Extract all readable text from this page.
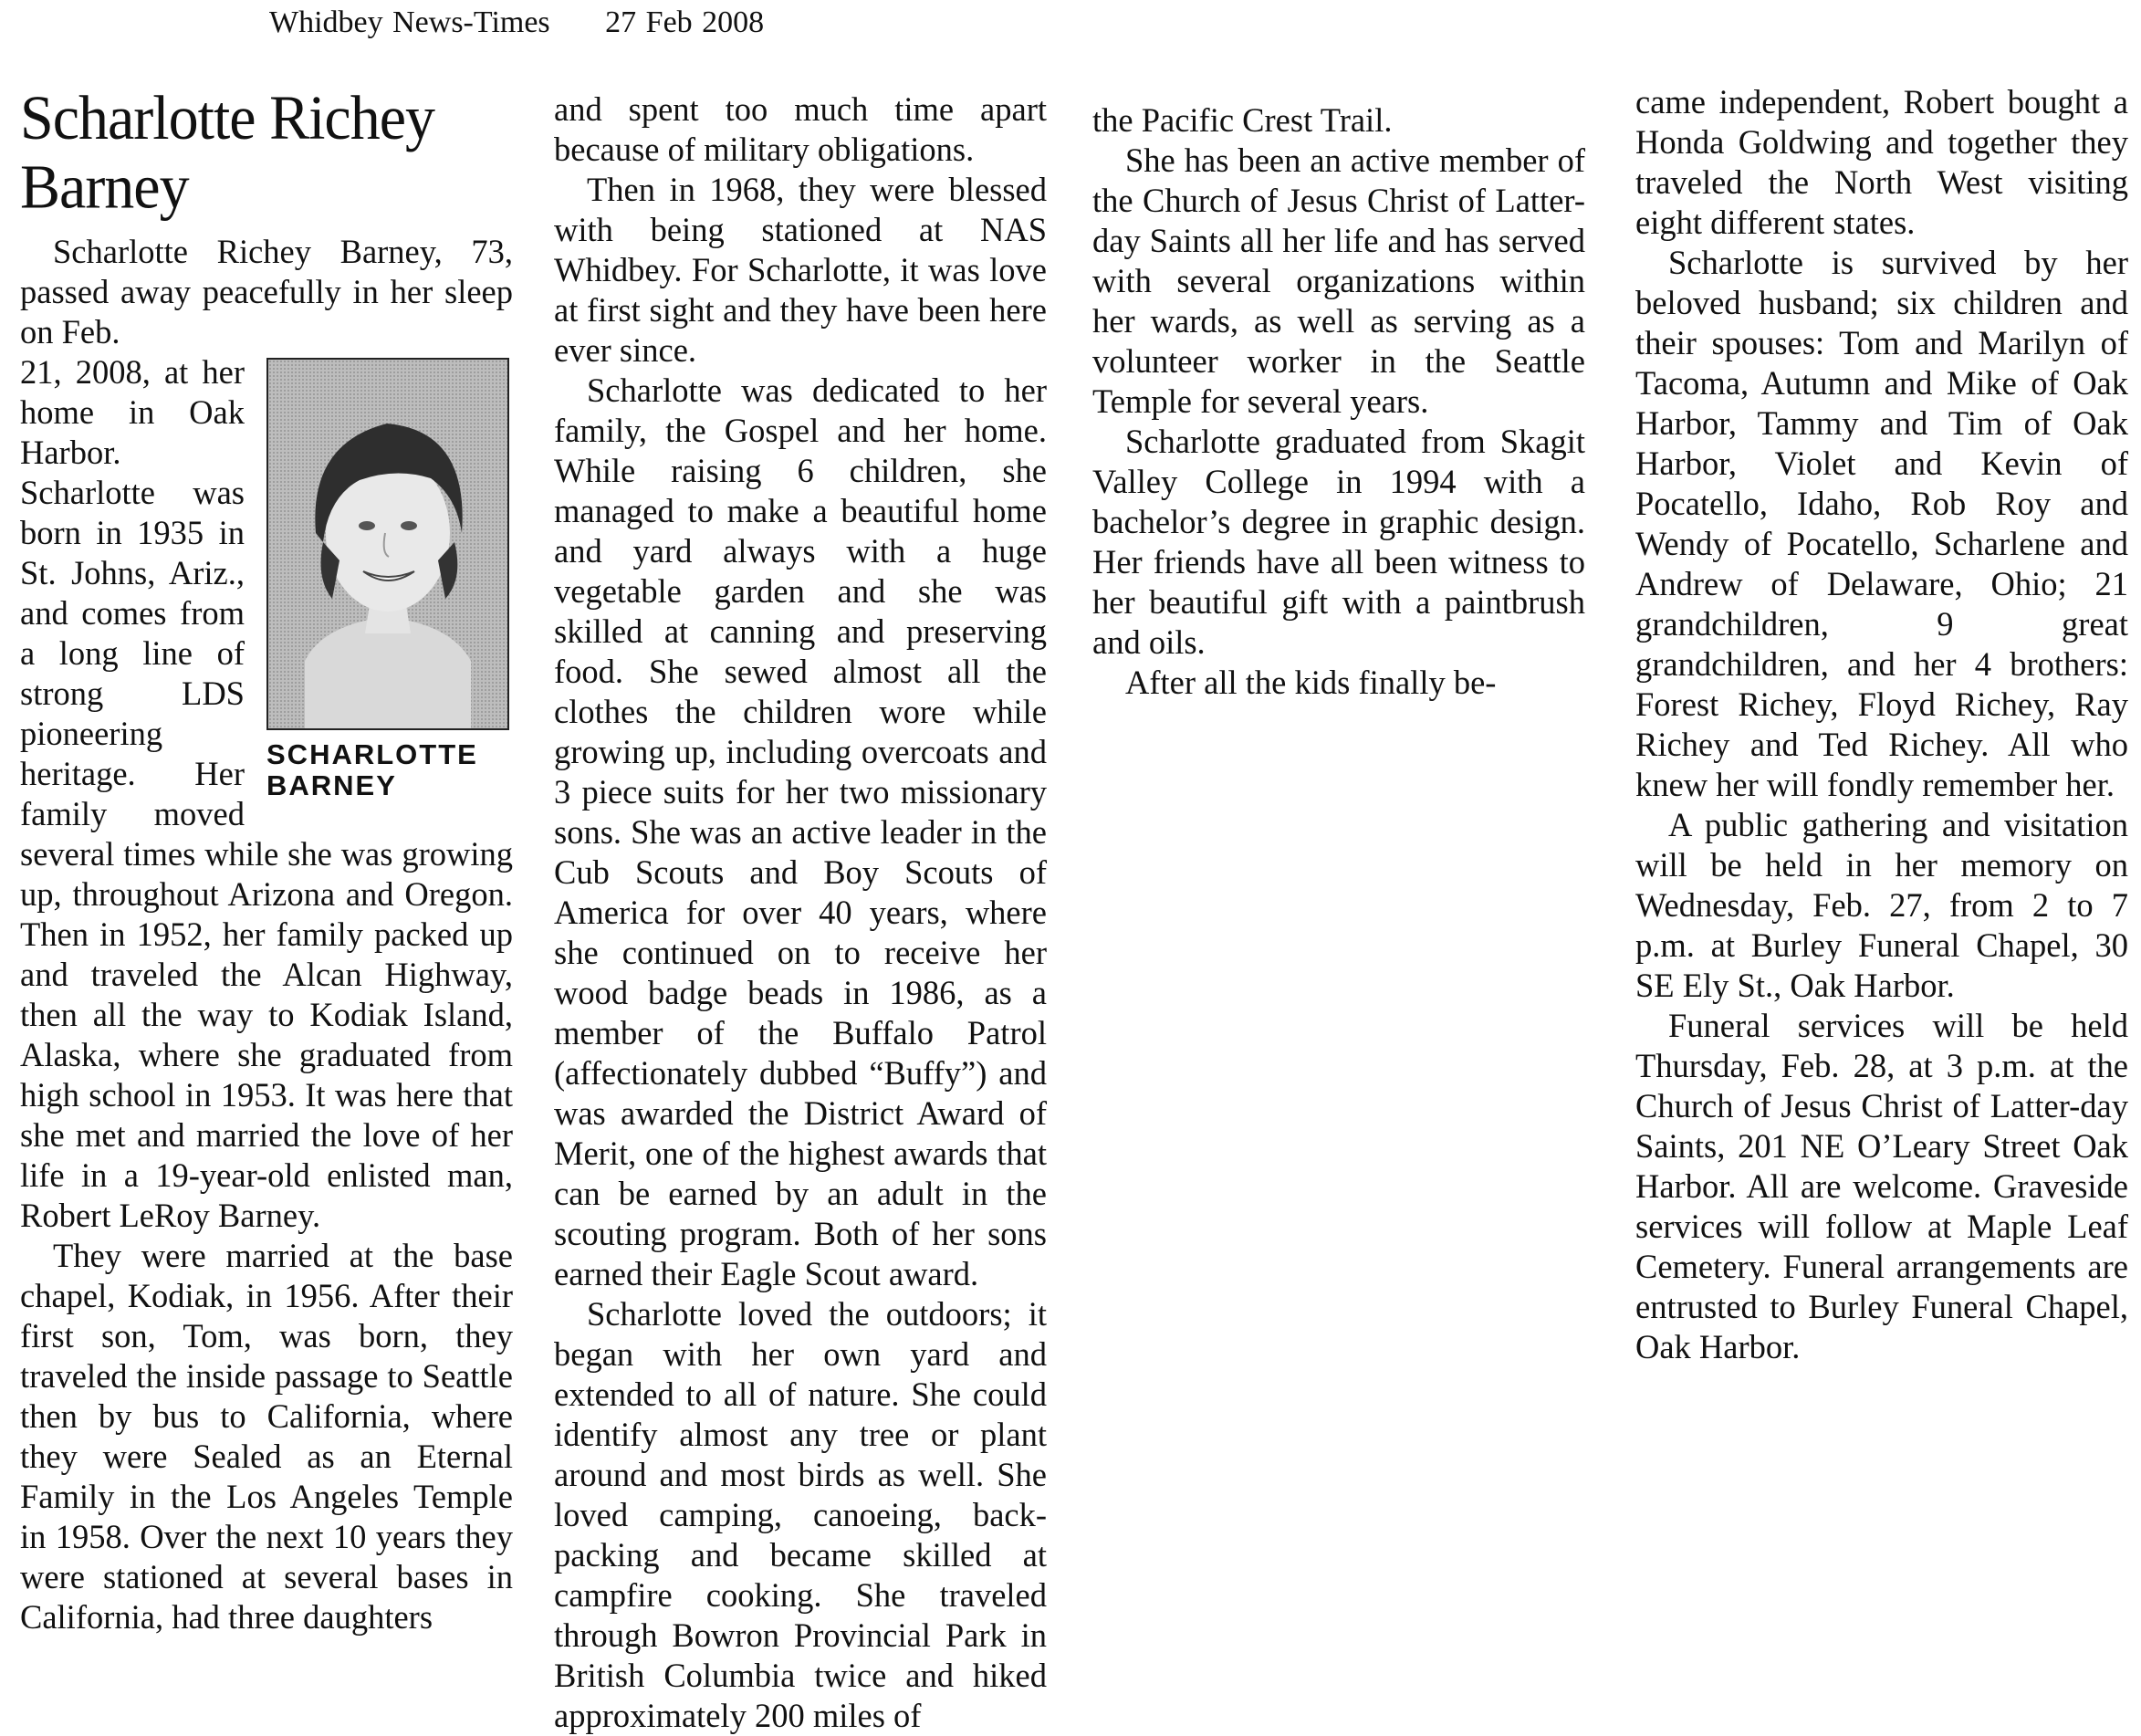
Whidbey News-Times 27 Feb 2008
Scharlotte Richey Barney

Scharlotte Richey Barney, 73, passed away peacefully in her sleep on Feb.

SCHARLOTTE
BARNEY

21, 2008, at her home in Oak Harbor. Scharlotte was born in 1935 in St. Johns, Ariz., and comes from a long line of strong LDS pioneering heritage. Her family moved several times while she was growing up, throughout Arizona and Oregon. Then in 1952, her family packed up and traveled the Alcan Highway, then all the way to Kodiak Island, Alaska, where she graduated from high school in 1953. It was here that she met and married the love of her life in a 19-year-old enlisted man, Robert LeRoy Barney.

They were married at the base chapel, Kodiak, in 1956. After their first son, Tom, was born, they traveled the inside passage to Seattle then by bus to California, where they were Sealed as an Eternal Family in the Los Angeles Temple in 1958. Over the next 10 years they were stationed at several bases in California, had three daughters

and spent too much time apart because of military obligations.

Then in 1968, they were blessed with being stationed at NAS Whidbey. For Scharlotte, it was love at first sight and they have been here ever since.

Scharlotte was dedicated to her family, the Gospel and her home. While raising 6 children, she managed to make a beautiful home and yard always with a huge vegetable garden and she was skilled at canning and preserving food. She sewed almost all the clothes the children wore while growing up, including overcoats and 3 piece suits for her two missionary sons. She was an active leader in the Cub Scouts and Boy Scouts of America for over 40 years, where she continued on to receive her wood badge beads in 1986, as a member of the Buffalo Patrol (affectionately dubbed “Buffy”) and was awarded the District Award of Merit, one of the highest awards that can be earned by an adult in the scouting program. Both of her sons earned their Eagle Scout award.

Scharlotte loved the outdoors; it began with her own yard and extended to all of nature. She could identify almost any tree or plant around and most birds as well. She loved camping, canoeing, back-packing and became skilled at campfire cooking. She traveled through Bowron Provincial Park in British Columbia twice and hiked approximately 200 miles of

the Pacific Crest Trail.

She has been an active member of the Church of Jesus Christ of Latter-day Saints all her life and has served with several organizations within her wards, as well as serving as a volunteer worker in the Seattle Temple for several years.

Scharlotte graduated from Skagit Valley College in 1994 with a bachelor’s degree in graphic design. Her friends have all been witness to her beautiful gift with a paintbrush and oils.

After all the kids finally be-

came independent, Robert bought a Honda Goldwing and together they traveled the North West visiting eight different states.

Scharlotte is survived by her beloved husband; six children and their spouses: Tom and Marilyn of Tacoma, Autumn and Mike of Oak Harbor, Tammy and Tim of Oak Harbor, Violet and Kevin of Pocatello, Idaho, Rob Roy and Wendy of Pocatello, Scharlene and Andrew of Delaware, Ohio; 21 grandchildren, 9 great grandchildren, and her 4 brothers: Forest Richey, Floyd Richey, Ray Richey and Ted Richey. All who knew her will fondly remember her.

A public gathering and visitation will be held in her memory on Wednesday, Feb. 27, from 2 to 7 p.m. at Burley Funeral Chapel, 30 SE Ely St., Oak Harbor.

Funeral services will be held Thursday, Feb. 28, at 3 p.m. at the Church of Jesus Christ of Latter-day Saints, 201 NE O’Leary Street Oak Harbor. All are welcome. Graveside services will follow at Maple Leaf Cemetery. Funeral arrangements are entrusted to Burley Funeral Chapel, Oak Harbor.
